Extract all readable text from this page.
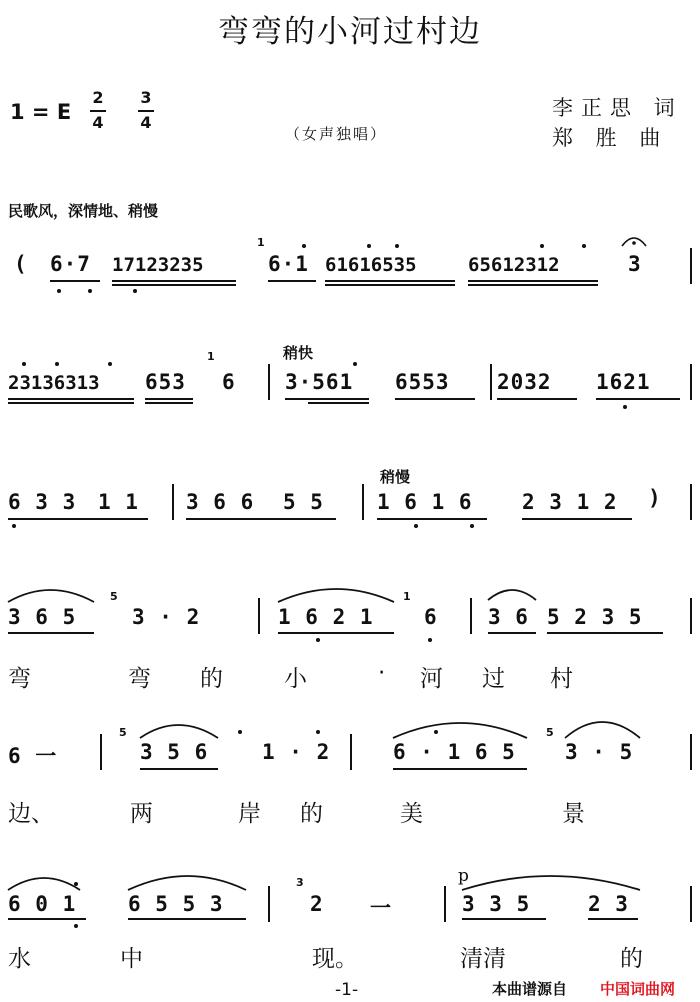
弯弯的小河过村边
1 = E
2
4
3
4
李正思 词
郑 胜 曲
（女声独唱）
民歌风，深情地、稍慢
( 6·7 17123235
1
6·1 61616535	65612312	3
23136313 653
1
6
稍快
3·561 6553 2032 1621
6 3 3 1 1 3 6 6 5 5
稍慢
1 6 1 6 2 3 1 2 )
3 6 5
5
3 · 2	1 6 2 1
1
6 3 6 5 2 3 5
弯	弯 的	小	· 河 过 村
6 一
5
3 5 6	1 · 2	6 · 1 6 5
5
3 · 5
边、	两	岸 的	美	景
6 0 1 6 5 5 3
3
2 一
p
3 3 5	2 3
水	中	现。	清清	的
-1-	本曲谱源自 中国词曲网
